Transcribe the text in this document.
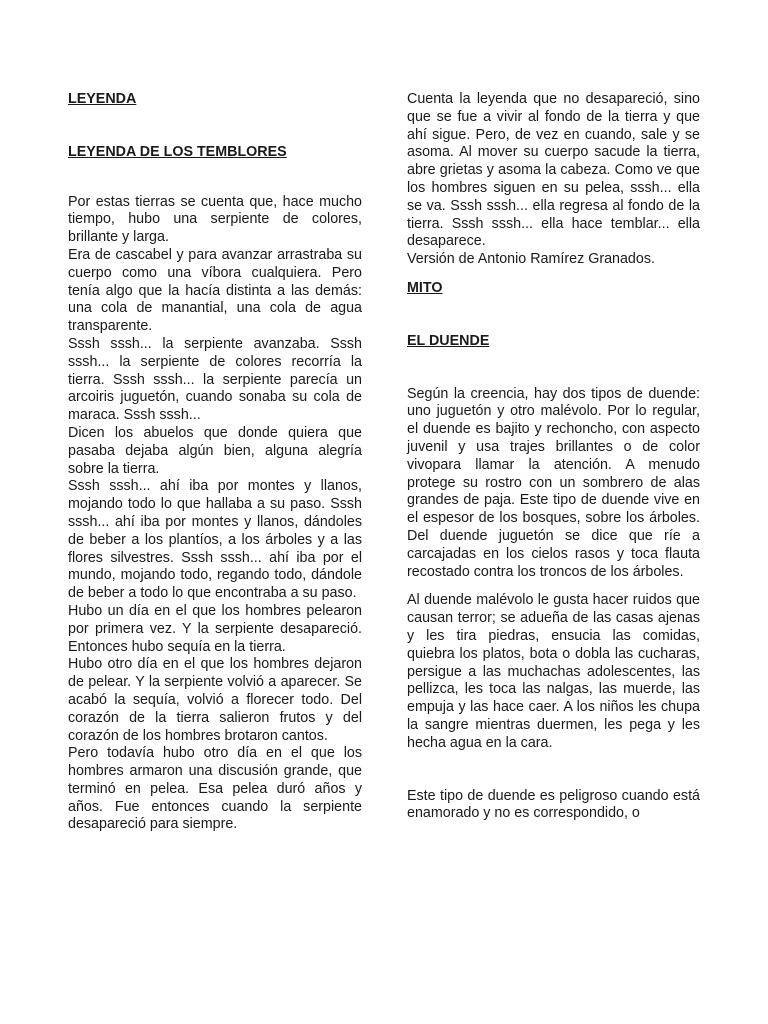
LEYENDA

LEYENDA DE LOS TEMBLORES

Por estas tierras se cuenta que, hace mucho tiempo, hubo una serpiente de colores, brillante y larga.

Era de cascabel y para avanzar arrastraba su cuerpo como una víbora cualquiera. Pero tenía algo que la hacía distinta a las demás: una cola de manantial, una cola de agua transparente.

Sssh sssh... la serpiente avanzaba. Sssh sssh... la serpiente de colores recorría la tierra. Sssh sssh... la serpiente parecía un arcoiris juguetón, cuando sonaba su cola de maraca. Sssh sssh...

Dicen los abuelos que donde quiera que pasaba dejaba algún bien, alguna alegría sobre la tierra.

Sssh sssh... ahí iba por montes y llanos, mojando todo lo que hallaba a su paso. Sssh sssh... ahí iba por montes y llanos, dándoles de beber a los plantíos, a los árboles y a las flores silvestres. Sssh sssh... ahí iba por el mundo, mojando todo, regando todo, dándole de beber a todo lo que encontraba a su paso.

Hubo un día en el que los hombres pelearon por primera vez. Y la serpiente desapareció. Entonces hubo sequía en la tierra.

Hubo otro día en el que los hombres dejaron de pelear. Y la serpiente volvió a aparecer. Se acabó la sequía, volvió a florecer todo. Del corazón de la tierra salieron frutos y del corazón de los hombres brotaron cantos.

Pero todavía hubo otro día en el que los hombres armaron una discusión grande, que terminó en pelea. Esa pelea duró años y años. Fue entonces cuando la serpiente desapareció para siempre.

Cuenta la leyenda que no desapareció, sino que se fue a vivir al fondo de la tierra y que ahí sigue. Pero, de vez en cuando, sale y se asoma. Al mover su cuerpo sacude la tierra, abre grietas y asoma la cabeza. Como ve que los hombres siguen en su pelea, sssh... ella se va. Sssh sssh... ella regresa al fondo de la tierra. Sssh sssh... ella hace temblar... ella desaparece.

Versión de Antonio Ramírez Granados.

MITO

EL DUENDE

Según la creencia, hay dos tipos de duende: uno juguetón y otro malévolo. Por lo regular, el duende es bajito y rechoncho, con aspecto juvenil y usa trajes brillantes o de color vivopara llamar la atención. A menudo protege su rostro con un sombrero de alas grandes de paja. Este tipo de duende vive en el espesor de los bosques, sobre los árboles. Del duende juguetón se dice que ríe a carcajadas en los cielos rasos y toca flauta recostado contra los troncos de los árboles.

Al duende malévolo le gusta hacer ruidos que causan terror; se adueña de las casas ajenas y les tira piedras, ensucia las comidas, quiebra los platos, bota o dobla las cucharas, persigue a las muchachas adolescentes, las pellizca, les toca las nalgas, las muerde, las empuja y las hace caer. A los niños les chupa la sangre mientras duermen, les pega y les hecha agua en la cara.

Este tipo de duende es peligroso cuando está enamorado y no es correspondido, o
